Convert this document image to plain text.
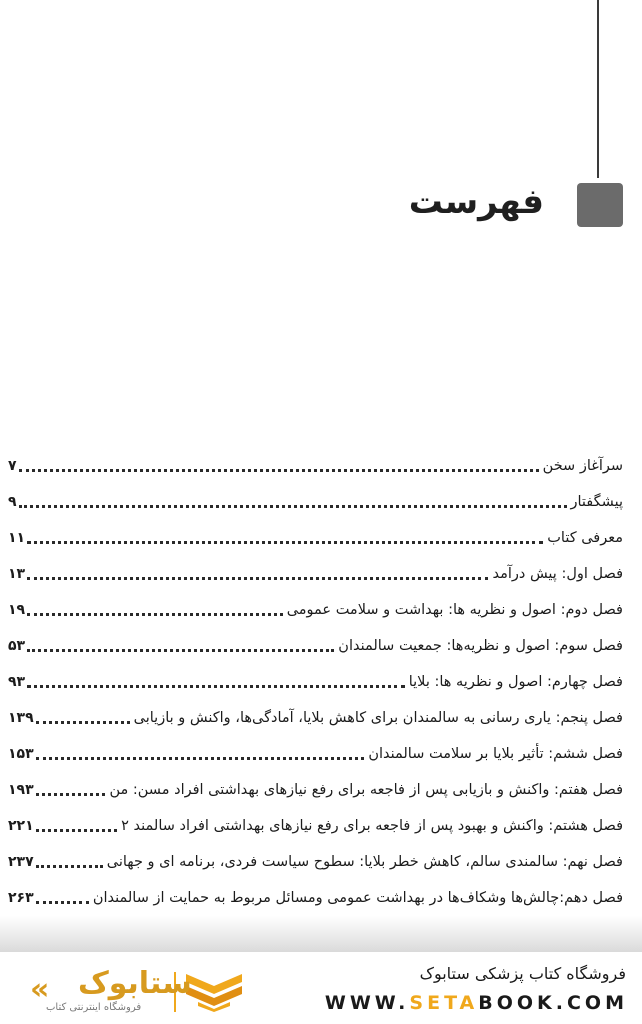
فهرست
سرآغاز سخن
۷
پیشگفتار
۹
معرفی کتاب
۱۱
فصل اول: پیش درآمد
۱۳
فصل دوم: اصول و نظریه ها: بهداشت و سلامت عمومی
۱۹
فصل سوم: اصول و نظریه‌ها: جمعیت سالمندان
۵۳
فصل چهارم: اصول و نظریه ها: بلایا
۹۳
فصل پنجم: یاری رسانی به سالمندان برای کاهش بلایا، آمادگی‌ها، واکنش و بازیابی
۱۳۹
فصل ششم: تأثیر بلایا بر سلامت سالمندان
۱۵۳
فصل هفتم: واکنش و بازیابی پس از فاجعه برای رفع نیازهای بهداشتی افراد مسن: من
۱۹۳
فصل هشتم: واکنش و بهبود پس از فاجعه برای رفع نیازهای بهداشتی افراد سالمند ۲
۲۲۱
فصل نهم: سالمندی سالم، کاهش خطر بلایا: سطوح سیاست فردی، برنامه ای و جهانی
۲۳۷
فصل دهم:چالش‌ها وشکاف‌ها در بهداشت عمومی ومسائل مربوط به حمایت از سالمندان
۲۶۳
فروشگاه کتاب پزشکی ستابوک
WWW.SETABOOK.COM
« ستابوک
فروشگاه اینترنتی کتاب
